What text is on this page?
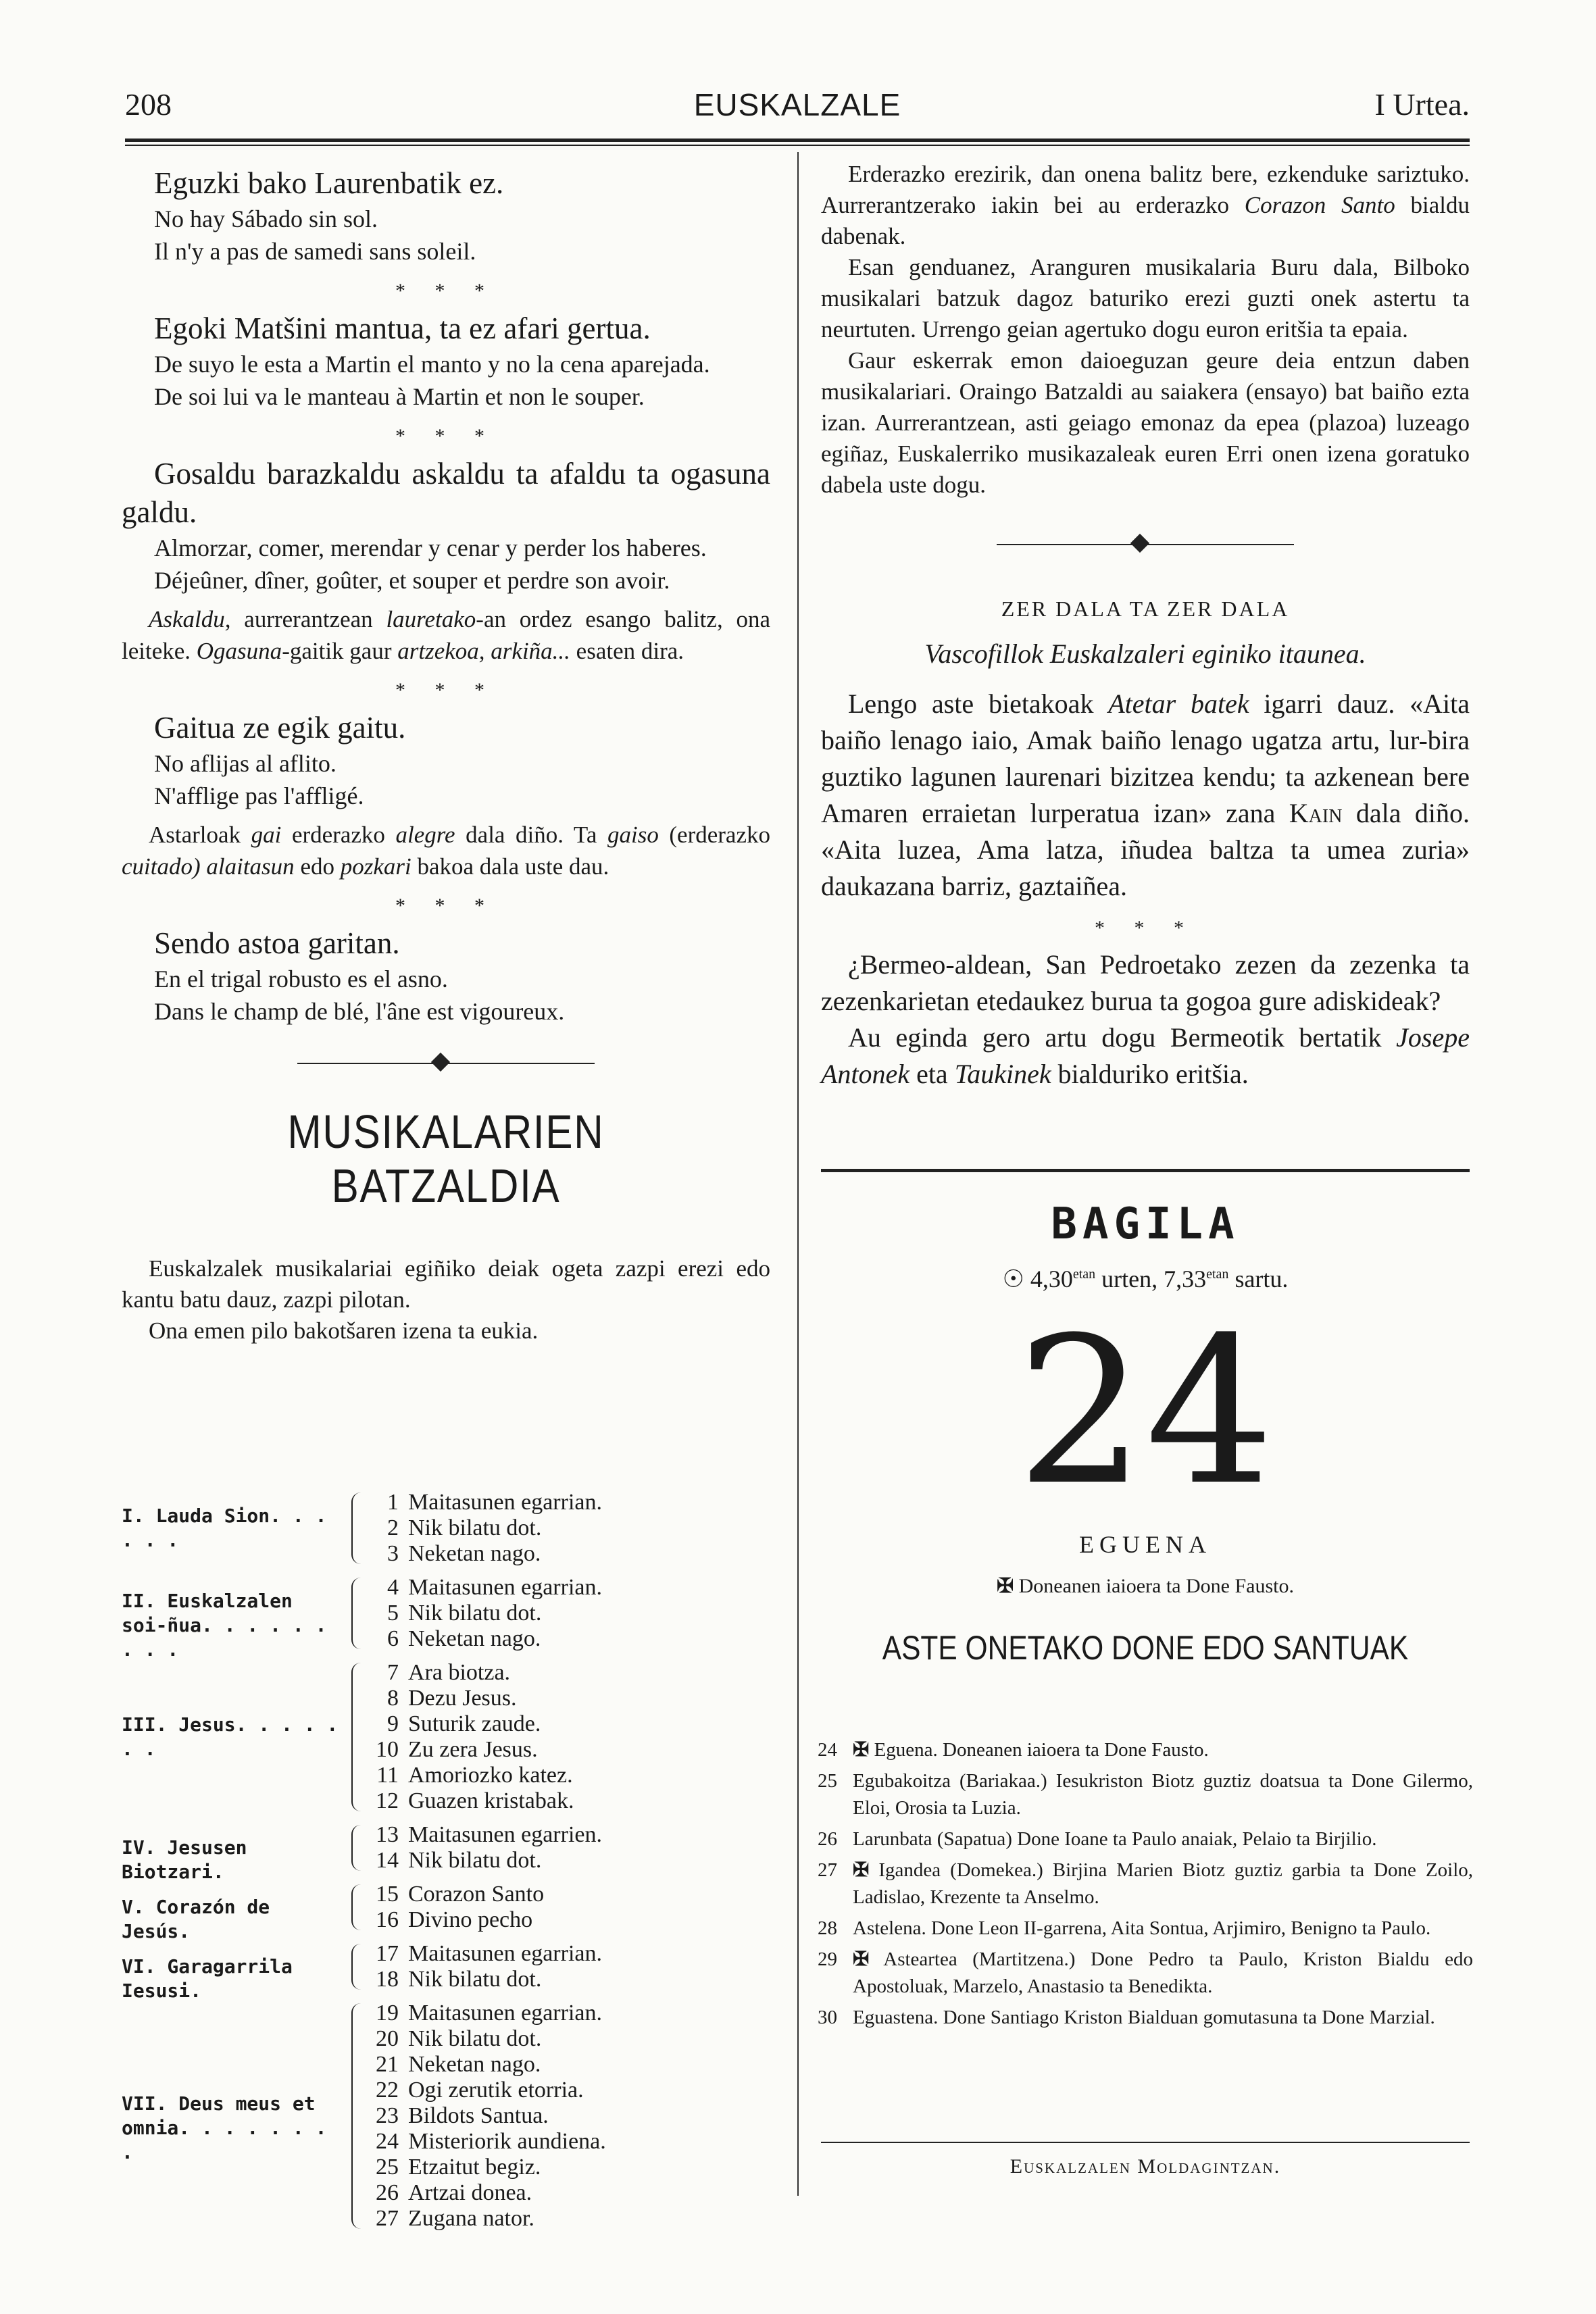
208	EUSKALZALE	I Urtea.

Eguzki bako Laurenbatik ez.

No hay Sábado sin sol.

Il n'y a pas de samedi sans soleil.

* * *

Egoki Matšini mantua, ta ez afari gertua.

De suyo le esta a Martin el manto y no la cena aparejada.

De soi lui va le manteau à Martin et non le souper.

* * *

Gosaldu barazkaldu askaldu ta afaldu ta ogasuna galdu.

Almorzar, comer, merendar y cenar y perder los haberes.

Déjeûner, dîner, goûter, et souper et perdre son avoir.

Askaldu, aurrerantzean lauretako-an ordez esango balitz, ona leiteke. Ogasuna-gaitik gaur artzekoa, arkiña... esaten dira.

* * *

Gaitua ze egik gaitu.

No aflijas al aflito.

N'afflige pas l'affligé.

Astarloak gai erderazko alegre dala diño. Ta gaiso (erderazko cuitado) alaitasun edo pozkari bakoa dala uste dau.

* * *

Sendo astoa garitan.

En el trigal robusto es el asno.

Dans le champ de blé, l'âne est vigoureux.

MUSIKALARIEN BATZALDIA

Euskalzalek musikalariai egiñiko deiak ogeta zazpi erezi edo kantu batu dauz, zazpi pilotan.

Ona emen pilo bakotšaren izena ta eukia.

I. Lauda Sion. . . . . .
1 Maitasunen egarrian.
2 Nik bilatu dot.
3 Neketan nago.
II. Euskalzalen soi-ñua. . . . . . . . .
4 Maitasunen egarrian.
5 Nik bilatu dot.
6 Neketan nago.
III. Jesus. . . . . . .
7 Ara biotza.
8 Dezu Jesus.
9 Suturik zaude.
10 Zu zera Jesus.
11 Amoriozko katez.
12 Guazen kristabak.
IV. Jesusen Biotzari.
13 Maitasunen egarrien.
14 Nik bilatu dot.
V. Corazón de Jesús.
15 Corazon Santo
16 Divino pecho
VI. Garagarrila Iesusi.
17 Maitasunen egarrian.
18 Nik bilatu dot.
VII. Deus meus et omnia. . . . . . . .
19 Maitasunen egarrian.
20 Nik bilatu dot.
21 Neketan nago.
22 Ogi zerutik etorria.
23 Bildots Santua.
24 Misteriorik aundiena.
25 Etzaitut begiz.
26 Artzai donea.
27 Zugana nator.

Erderazko erezirik, dan onena balitz bere, ezkenduke sariztuko. Aurrerantzerako iakin bei au erderazko Corazon Santo bialdu dabenak.

Esan genduanez, Aranguren musikalaria Buru dala, Bilboko musikalari batzuk dagoz baturiko erezi guzti onek astertu ta neurtuten. Urrengo geian agertuko dogu euron eritšia ta epaia.

Gaur eskerrak emon daioeguzan geure deia entzun daben musikalariari. Oraingo Batzaldi au saiakera (ensayo) bat baiño ezta izan. Aurrerantzean, asti geiago emonaz da epea (plazoa) luzeago egiñaz, Euskalerriko musikazaleak euren Erri onen izena goratuko dabela uste dogu.

ZER DALA TA ZER DALA
Vascofillok Euskalzaleri eginiko itaunea.

Lengo aste bietakoak Atetar batek igarri dauz. «Aita baiño lenago iaio, Amak baiño lenago ugatza artu, lur-bira guztiko lagunen laurenari bizitzea kendu; ta azkenean bere Amaren erraietan lurperatua izan» zana Kain dala diño. «Aita luzea, Ama latza, iñudea baltza ta umea zuria» daukazana barriz, gaztaiñea.

* * *

¿Bermeo-aldean, San Pedroetako zezen da zezenka ta zezenkarietan etedaukez burua ta gogoa gure adiskideak?

Au eginda gero artu dogu Bermeotik bertatik Josepe Antonek eta Taukinek bialduriko eritšia.

BAGILA
☉ $4,30^{etan}$ urten, $7,33^{etan}$ sartu.
24
EGUENA
✠ Doneanen iaioera ta Done Fausto.
ASTE ONETAKO DONE EDO SANTUAK
24 ✠ Eguena. Doneanen iaioera ta Done Fausto.
25 Egubakoitza (Bariakaa.) Iesukriston Biotz guztiz doatsua ta Done Gilermo, Eloi, Orosia ta Luzia.
26 Larunbata (Sapatua) Done Ioane ta Paulo anaiak, Pelaio ta Birjilio.
27 ✠ Igandea (Domekea.) Birjina Marien Biotz guztiz garbia ta Done Zoilo, Ladislao, Krezente ta Anselmo.
28 Astelena. Done Leon II-garrena, Aita Sontua, Arjimiro, Benigno ta Paulo.
29 ✠ Asteartea (Martitzena.) Done Pedro ta Paulo, Kriston Bialdu edo Apostoluak, Marzelo, Anastasio ta Benedikta.
30 Eguastena. Done Santiago Kriston Bialduan gomutasuna ta Done Marzial.
Euskalzalen Moldagintzan.
